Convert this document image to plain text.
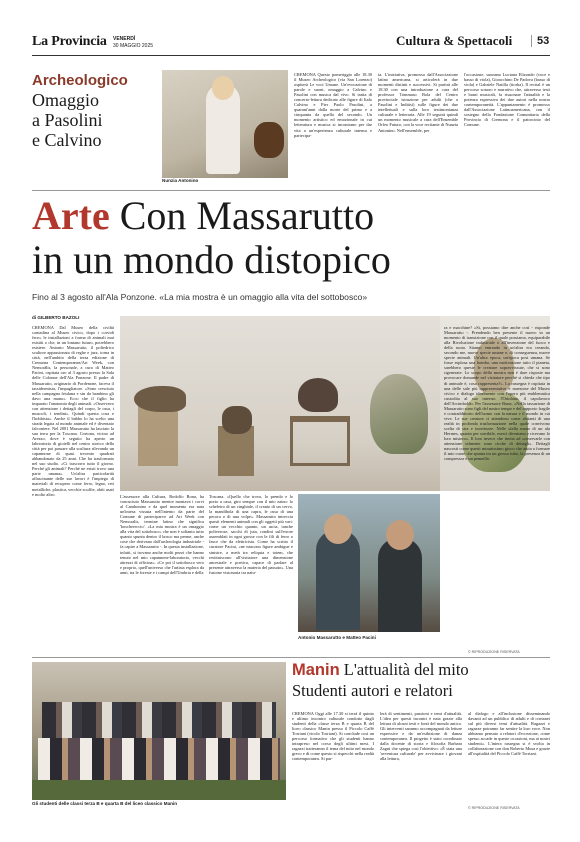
La Provincia VENERDÌ
30 MAGGIO 2025	Cultura & Spettacoli	53
Archeologico
Omaggio
a Pasolini
e Calvino
Nunzia Antonino
CREMONA Questo pomeriggio alle 18.30 il Museo Archeologico (via San Lorenzo) ospiterà Le voci Umane. Un'evocazione di parole e suoni, omaggio a Calvino e Pasolini con musica dal vivo. Si tratta di concerto-lettura dedicato alle figure di Italo Calvino e Pier Paolo Pasolini, a quarant'anni dalla morte del primo e a cinquanta da quella del secondo. Un momento artistico ed emozionale in cui letteratura e musica si incontrano per dar vita a un'esperienza culturale intensa e partecipa-
ta. L'iniziativa, promossa dall'Associazione latino americana, si articolerà in due momenti distinti e successivi. Si partirà alle 18.30 con una introduzione a cura del professor Tommaso Bola del Centro provinciale istruzione per adulti (che a Pasolini e Inditisi) sulle figure dei due intellettuali e sulla loro testimonianza culturale e letteraria. Alle 19 seguirà quindi un momento musicale a cura dell'Ensemble Orfeo Futuro, con la voce recitante di Nunzia Antonino. Nell'ensemble, per
l'occasione, suonano Luciana Elizondo (voce e basso di viola), Gioacchino De Padova (basso di viola) e Gabriele Natilla (tiorba). Il recital è un percorso sonoro e narrativo che, attraverso testi e brani musicali, fa risuonare l'attualità e la potenza espressiva dei due autori nella nostra contemporaneità. L'appuntamento è promosso dall'Associazione Latinoamericana, con il sostegno della Fondazione Comunitaria della Provincia di Cremona e il patrocinio del Comune.
Arte Con Massarutto
in un mondo distopico
Fino al 3 agosto all'Ala Ponzone. «La mia mostra è un omaggio alla vita del sottobosco»
di GILBERTO BAZOLI
CREMONA Dal Museo della civiltà contadina al Museo civico, dopo i corvidi ferro, le installazioni a forma di animali mai esistiti o che, in un lontano futuro, potrebbero esistere. Antonio Massarutto, il poliedrico scultore appassionato di reghe e jazz, torna in città, nell'ambito della terza edizione di Cremona Contemporanea/Art Week, con Nemorālis, la personale, a cura di Matteo Pacini, ospitata oro al 3 agosto presso la Sala delle Colonne dell'Ala Ponzone. Il padre di Massarutto, originario di Pordenone, faceva il tassidermista, l'impagliatore. «Sono cresciuto nella campagna friulana e sin da bambino gli davo una mano». Ecco che il figlio ha imparato l'anatomia degli animali. «Osservavo con attenzione i dettagli del corpo, le ossa, i muscoli, i tendini». Quindi questa cosa e l'hobbista». Anche il babbo lo ha scelto una strada legata al mondo animale ed è diventato falconiere. Nel 2001 Massarutto ha lasciato la sua terra per la Toscana. Cortona, vicino ad Arezzo, dove è seguito ha aperto un laboratorio di gioielli nel centro storico della città per poi passare alla scultura rilevando un capannone di quasi trecento quadrati abbandonato da 25 anni. Che ha trasformato nel suo studio. «Ci trascorro tutto il giorno. Perché gli animali? Perché ne esisti trovo una parte umana». Un'altra particolarità affascinante delle sue lavori è l'impiego di materiali di recupero come ferro, legno, reti metalliche, plastica, vecchie scuffie, abiti usati e molto altro.	L'assessore alla Cultura, Rodolfo Bona, ha conosciuto Massarutto mentre montava i corvi al Cambonino e da quel momento era nata un'intesa vissuta nell'intento da parte del Comune di parteciparve ad Art Week con Nemoralis, termine latino che significa 'boschereccio'. «La mia mostra è un omaggio alla vita del sottobosco, che non è soltanto tutto quanto spunta dentro il bosco ma perme, anche cose che derivano dall'archeologia industriale - fa capire a Massarutto -. In questa installazione, infatti, si trovano anche molti pezzi che hanno tenuto nel mio capannone-laboratorio, vecchi attrezzi di officina». «Ce poi il sottobosco vero e proprio, quell'universo che l'artista esplora da anni, tra le foreste e i campi dell'Umbria e della
Toscana. «Quello che trovo, lo prendo e lo porto a casa, giro sempre con il mio zaino: lo scheletro di un cinghiale, il cranio di un cervo, la mandibola di una capra, le ossa di una pecora o di una volpe». Massarutto intreccia questi elementi animali con gli oggetti più vari: come un vecchio quanto, un ascia, tanche poliverose, sacchi di juta, rondini sull'errore assemblati in ogni grosse con le fili di ferro o fasce che da elettricista. Come ha scritto il curatore Pacini, «ne nascono figure ambigue e sinistre, a metà tra reliquia e totem, che restituiscono all'visitatore una dimensione ancestrale e poetica, capace di parlare al presente attraverso la materia del passato». Una fusione visionaria tra natu-
Antonio Massarutto e Matteo Pacini
ra e macchine? «Si, possiamo dire anche così - risponde Massarutto -. Prendendo ben presente il nuovo in un momento di transizione con il quale possiamo, equiparabile alla Rivoluzione industriale o all'invenzione del fuoco e della ruota. Stiamo entrando in un'altra era creando, secondo me, nuove specie umane e, di conseguenza, nuove specie animali. Un'altra epoca, un'epoca post umana. Se fosse esplosa una bomba, una motivazione tutto il pianeta, sarebbero queste le creature sopravvissute, che si sono rigenerate. Lo scopo della mostra non è dare risposte ma provocare domande nel visitatore perché si chieda che tipo di animale è, cosa rappresenta?». La rassegna è ospitata in una delle sale più rappresentative e maestose del Museo civico e dialoga idealmente con l'opera più emblematica custodita al suo interno: l'Ortolano, il capolavoro dell'Arcimboldo. Per l'assessore Bona, «Nella tassazione di Massarutto sono figli del nostro tempo e del rapporto fragile e contraddittorio dell'uomo con la natura e il mondo in cui vive. Le sue creature ci attendono come abitanti di una realtà in profonda trasformazione nella quale convivono scelta di stra e incertezze. Nelle sfalla mano di un ala Hermes, quanto per sorribile, esercì diventano e ricevano lo loro mistero». Il loro invece che invita ad «osservarle con attenzione talmente sono ricche di dettagli». Dettagli nascosti come questi minutissimo gioco che aiuta a formare il mio cuore che spunta tra un grosso tubo, la presenza di un compressor e un pennello.
© RIPRODUZIONE RISERVATA
Gli studenti delle classi terza B e quarta B del liceo classico Manin
Manin L'attualità del mito
Studenti autori e relatori
CREMONA Oggi alle 17.30 si terrà il quinto e ultimo incontro culturale condotto dagli studenti della classe terza B e quarta B del liceo classico Manin presso il Piccolo Caffè Torriani (vicolo Torriani). Si conclude così un percorso formativo che gli studenti hanno intrapreso nel corso degli ultimi mesi. I ragazzi tratteranno il tema del mito nel mondo greco e di come questo si rispecchi nella realtà contemporanea. Si par-
lerà di sentimenti, passioni e temi d'attualità. L'idea per questi incontri è nata grazie alla lettura di alcuni testi e fonti del mondo antico. Gli interventi saranno accompagnati da letture espressive e da un'esibizione di danza contemporanea. Il progetto è stato coordinato dalla docente di storia e filosofia Barbara Zagni che spiega così l'obiettivo: «È stata una 'avventura culturale' per avvicinare i giovani alla lettura,
al dialogo e all'inclusione disseminando davanti ad un pubblico di adulti e di coetanei sul più diversi temi d'attualità. Ragazzi e ragazze potranno far sentire la loro voce. Non abbiamo pensato a relatori d'eccezione, come spesso accade in queste occasioni, ma ai nostri studenti». L'intera rassegna si è svolta in collaborazione con don Roberto Musa e grazie all'ospitalità del Piccolo Caffè Torriani.
© RIPRODUZIONE RISERVATA
